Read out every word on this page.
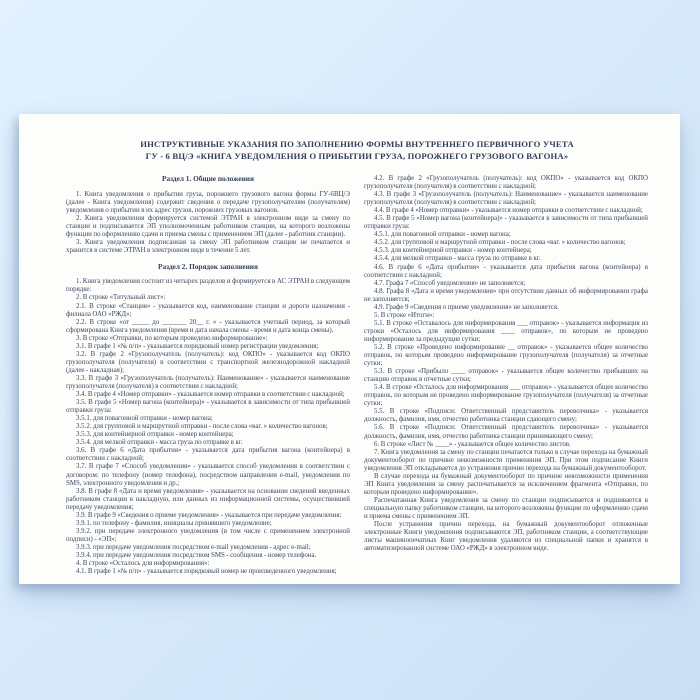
ИНСТРУКТИВНЫЕ УКАЗАНИЯ ПО ЗАПОЛНЕНИЮ ФОРМЫ ВНУТРЕННЕГО ПЕРВИЧНОГО УЧЕТА
ГУ - 6 ВЦ/Э «КНИГА УВЕДОМЛЕНИЯ О ПРИБЫТИИ ГРУЗА, ПОРОЖНЕГО ГРУЗОВОГО ВАГОНА»

Раздел 1. Общие положения

1. Книга уведомления о прибытии груза, порожнего грузового вагона формы ГУ-6ВЦ/Э (далее - Книга уведомления) содержит сведения о передаче грузополучателям (получателям) уведомления о прибытии в их адрес грузов, порожних грузовых вагонов.

2. Книга уведомления формируется системой ЭТРАН в электронном виде за смену по станции и подписывается ЭП уполномоченным работником станции, на которого возложены функции по оформлению сдачи и приема смены с применением ЭП (далее - работник станции).

3. Книга уведомления подписанная за смену ЭП работником станции не печатается и хранится в системе ЭТРАН в электронном виде в течение 5 лет.

Раздел 2. Порядок заполнения

1. Книга уведомления состоит из четырех разделов и формируется в АС ЭТРАН в следующем порядке:

2. В строке «Титульный лист»:

2.1. В строке «Станция» - указывается код, наименование станции и дороги назначения - филиала ОАО «РЖД»;

2.2. В строке «от _____ до _______ 20__ г. » - указывается учетный период, за который сформирована Книга уведомления (время и дата начала смены - время и дата конца смены).

3. В строке «Отправки, по которым проведено информирование»:

3.1. В графе 1 «№ п/п» - указывается порядковый номер регистрации уведомления;

3.2. В графе 2 «Грузополучатель (получатель): код ОКПО» - указывается код ОКПО грузополучателя (получателя) в соответствии с транспортной железнодорожной накладной (далее - накладная);

3.3. В графе 3 «Грузополучатель (получатель): Наименование» - указывается наименование грузополучателя (получателя) в соответствии с накладной;

3.4. В графе 4 «Номер отправки» - указывается номер отправки в соответствии с накладной;

3.5. В графе 5 «Номер вагона (контейнера)» - указывается в зависимости от типа прибывшей отправки груза:

3.5.1. для повагонной отправки - номер вагона;

3.5.2. для групповой и маршрутной отправки - после слова «ваг. » количество вагонов;

3.5.3. для контейнерной отправки - номер контейнера;

3.5.4. для мелкой отправки - масса груза по отправке в кг.

3.6. В графе 6 «Дата прибытия» - указывается дата прибытия вагона (контейнера) в соответствии с накладной;

3.7. В графе 7 «Способ уведомления» - указывается способ уведомления в соответствии с договором: по телефону (номер телефона), посредством направления e-mail, уведомления по SMS, электронного уведомления и др.;

3.8. В графе 8 «Дата и время уведомления» - указывается на основании сведений введенных работником станции в накладную, или данных из информационной системы, осуществившей передачу уведомления;

3.9. В графе 9 «Сведения о приеме уведомления» - указывается при передаче уведомления:

3.9.1. по телефону - фамилия, инициалы принявшего уведомление;

3.9.2. при передаче электронного уведомления (в том числе с применением электронной подписи) - «ЭП»;

3.9.3. при передаче уведомления посредством e-mail уведомления - адрес e-mail;

3.9.4. при передаче уведомления посредством SMS - сообщения - номер телефона.

4. В строке «Осталось для информирования»:

4.1. В графе 1 «№ п/п» - указывается порядковый номер не произведенного уведомления;

4.2. В графе 2 «Грузополучатель (получатель): код ОКПО» - указывается код ОКПО грузополучателя (получателя) в соответствии с накладной;

4.3. В графе 3 «Грузополучатель (получатель): Наименование» - указывается наименование грузополучателя (получателя) в соответствии с накладной;

4.4. В графе 4 «Номер отправки» - указывается номер отправки в соответствии с накладной;

4.5. В графе 5 «Номер вагона (контейнера)» - указывается в зависимости от типа прибывшей отправки груза:

4.5.1. для повагонной отправки - номер вагона;

4.5.2. для групповой и маршрутной отправки - после слова «ваг. » количество вагонов;

4.5.3. для контейнерной отправки - номер контейнера;

4.5.4. для мелкой отправки - масса груза по отправке в кг.

4.6. В графе 6 «Дата прибытия» - указывается дата прибытия вагона (контейнера) в соответствии с накладной;

4.7. Графа 7 «Способ уведомления» не заполняется;

4.8. Графа 8 «Дата и время уведомления» при отсутствии данных об информировании графа не заполняется;

4.9. Графе 9 «Сведения о приеме уведомления» не заполняется.

5. В строке «Итоги»:

5.1. В строке «Оставалось для информирования ___ отправок» - указывается информация из строки «Осталось для информирования ____ отправок», по которым не проведено информирование за предыдущие сутки;

5.2. В строке «Проведено информирование __ отправок» - указывается общее количество отправок, по которым проведено информирование грузополучателя (получателя) за отчетные сутки;

5.3. В строке «Прибыло ____ отправок» - указывается общее количество прибывших на станцию отправок в отчетные сутки;

5.4. В строке «Осталось для информирования ___ отправок» - указывается общее количество отправок, по которым не проведено информирование грузополучателя (получателя) за отчетные сутки;

5.5. В строке «Подписи: Ответственный представитель перевозчика» - указывается должность, фамилия, имя, отчество работника станции сдающего смену;

5.6. В строке «Подписи: Ответственный представитель перевозчика» - указывается должность, фамилия, имя, отчество работника станции принимающего смену;

6. В строке «Лист № ____» - указывается общее количество листов.

7. Книга уведомления за смену по станции печатается только в случае перехода на бумажный документооборот по причине невозможности применения ЭП. При этом подписание Книги уведомления ЭП откладывается до устранения причин перехода на бумажный документооборот.

В случае перехода на бумажный документооборот по причине невозможности применения ЭП Книга уведомления за смену распечатывается за исключением фрагмента «Отправки, по которым проведено информирование».

Распечатанная Книга уведомления за смену по станции подписывается и подшивается в специальную папку работником станции, на которого возложены функции по оформлению сдачи и приема смены с применением ЭП.

После устранения причин перехода, на бумажный документооборот отложенные электронные Книги уведомления подписываются ЭП, работником станции, а соответствующие листы машинопечатных Книг уведомления удаляются из специальной папки и хранятся в автоматизированной системе ОАО «РЖД» в электронном виде.
